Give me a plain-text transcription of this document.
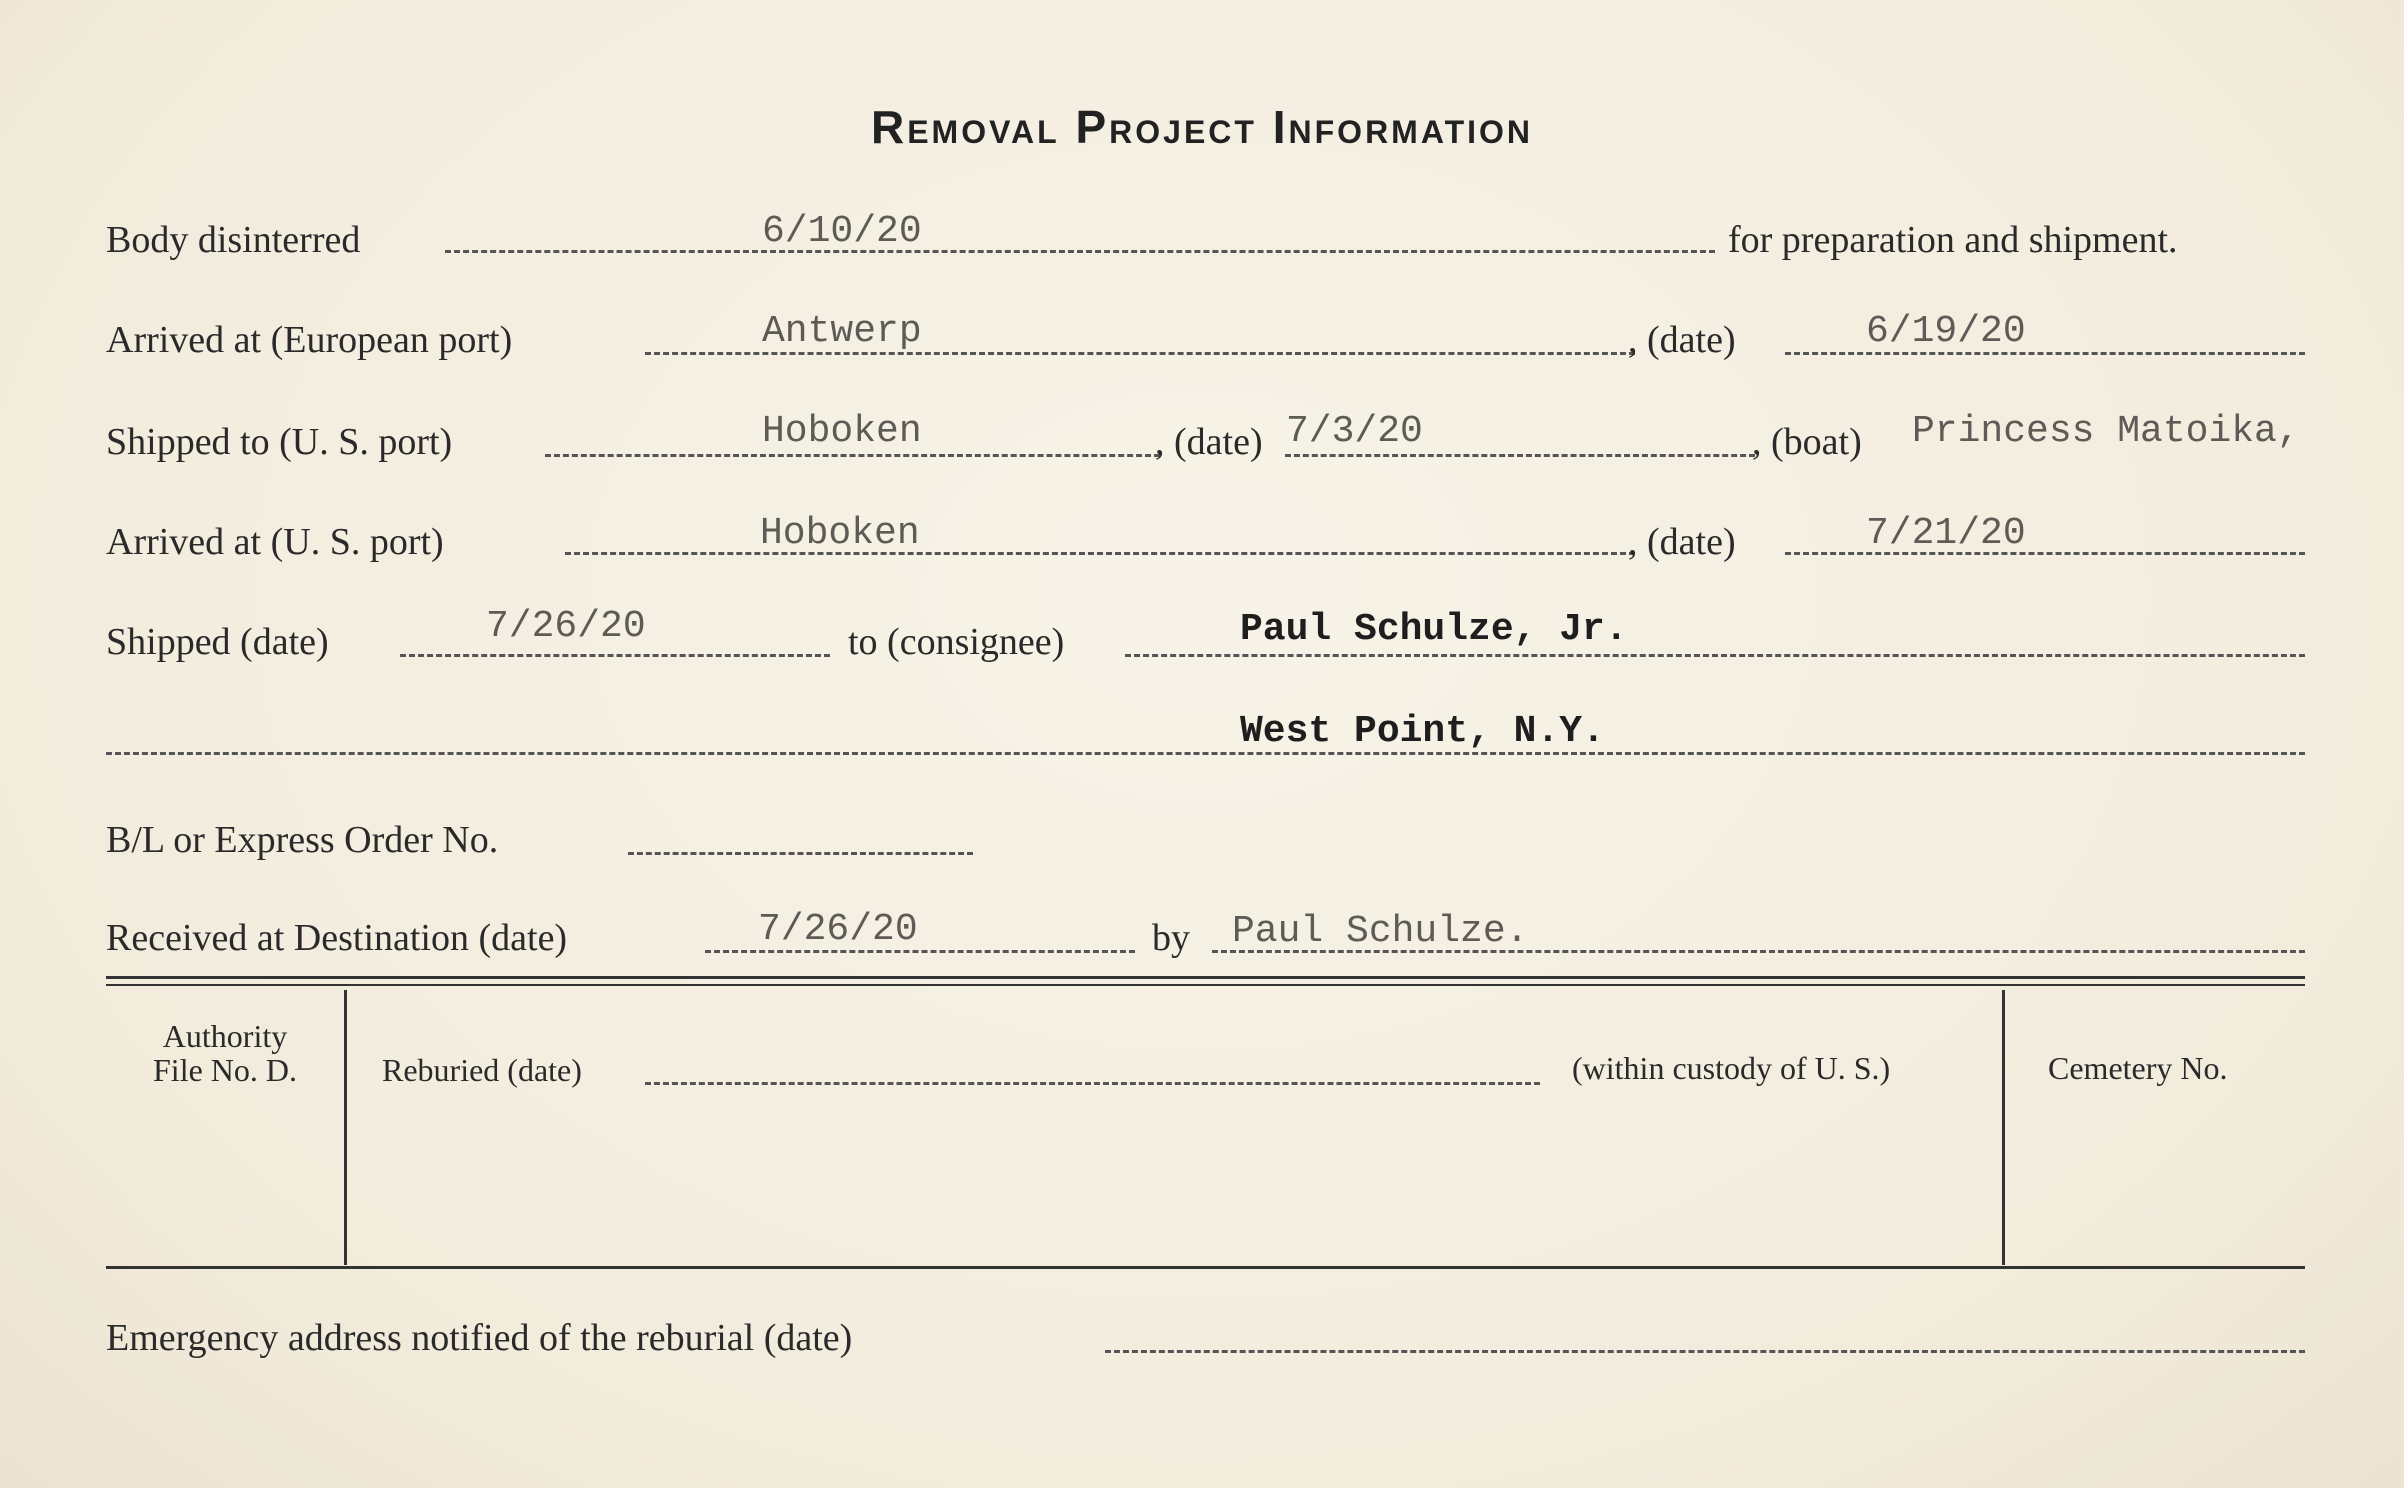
Removal Project Information
Body disinterred	6/10/20	for preparation and shipment.
Arrived at (European port)	Antwerp	, (date)	6/19/20
Shipped to (U. S. port)	Hoboken	, (date) 7/3/20	, (boat) Princess Matoika,
Arrived at (U. S. port)	Hoboken	, (date)	7/21/20
Shipped (date)	7/26/20	to (consignee)	Paul Schulze, Jr.
West Point, N.Y.
B/L or Express Order No.
Received at Destination (date)	7/26/20	by Paul Schulze.
Authority
File No. D.	Reburied (date)	(within custody of U. S.)	Cemetery No.
Emergency address notified of the reburial (date)
